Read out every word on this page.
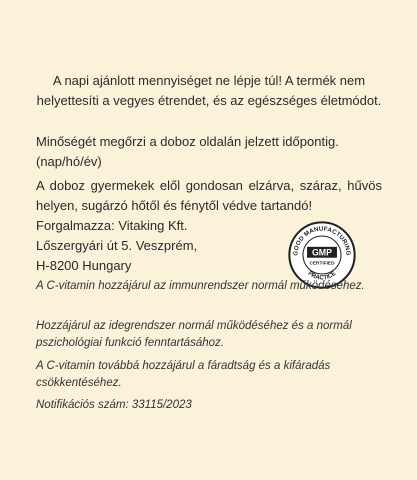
A napi ajánlott mennyiséget ne lépje túl! A termék nem helyettesíti a vegyes étrendet, és az egészséges életmódot.

Minőségét megőrzi a doboz oldalán jelzett időpontig.
(nap/hó/év)

A doboz gyermekek elől gondosan elzárva, száraz, hűvös helyen, sugárzó hőtől és fénytől védve tartandó!

Forgalmazza: Vitaking Kft.
Lőszergyári út 5. Veszprém,
H-8200 Hungary

GOOD MANUFACTURING
PRACTICE
GMP
CERTIFIED

A C-vitamin hozzájárul az immunrendszer normál működéséhez.

Hozzájárul az idegrendszer normál működéséhez és a normál pszichológiai funkció fenntartásához.

A C-vitamin továbbá hozzájárul a fáradtság és a kifáradás csökkentéséhez.

Notifikációs szám: 33115/2023
